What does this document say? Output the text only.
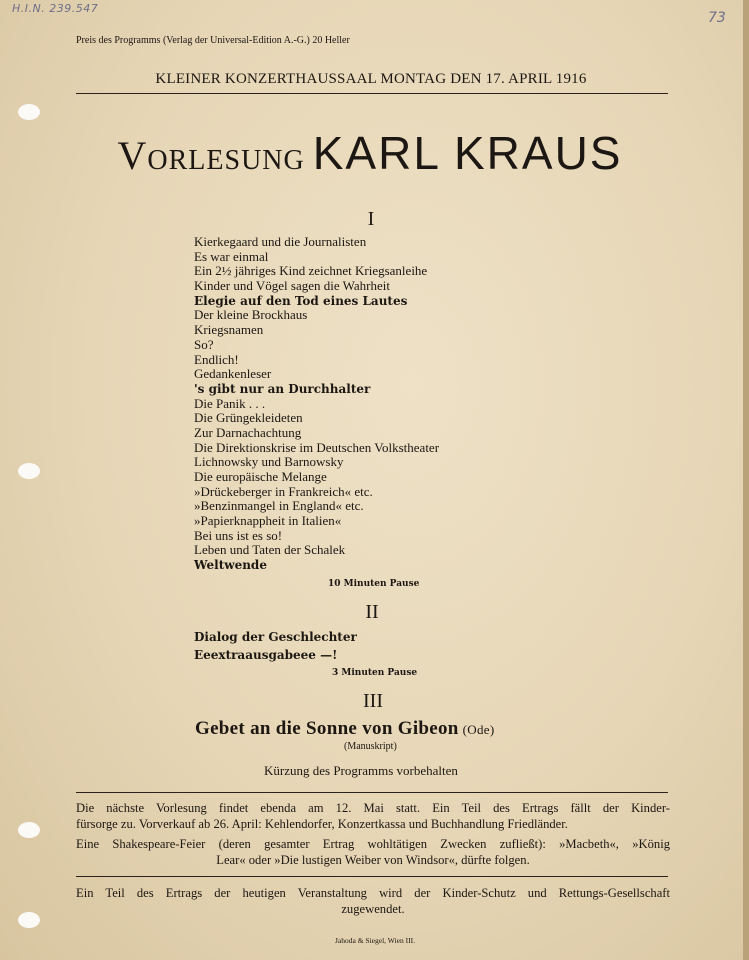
H.I.N. 239.547
73
Preis des Programms (Verlag der Universal-Edition A.-G.) 20 Heller
KLEINER KONZERTHAUSSAAL MONTAG DEN 17. APRIL 1916
Vorlesung KARL KRAUS
I
Kierkegaard und die Journalisten
Es war einmal
Ein 2½ jähriges Kind zeichnet Kriegsanleihe
Kinder und Vögel sagen die Wahrheit
Elegie auf den Tod eines Lautes
Der kleine Brockhaus
Kriegsnamen
So?
Endlich!
Gedankenleser
's gibt nur an Durchhalter
Die Panik . . .
Die Grüngekleideten
Zur Darnachachtung
Die Direktionskrise im Deutschen Volkstheater
Lichnowsky und Barnowsky
Die europäische Melange
»Drückeberger in Frankreich« etc.
»Benzinmangel in England« etc.
»Papierknappheit in Italien«
Bei uns ist es so!
Leben und Taten der Schalek
Weltwende
10 Minuten Pause
II
Dialog der Geschlechter
Eeextraausgabeee —!
3 Minuten Pause
III
Gebet an die Sonne von Gibeon (Ode)
(Manuskript)
Kürzung des Programms vorbehalten
Die nächste Vorlesung findet ebenda am 12. Mai statt. Ein Teil des Ertrags fällt der Kinder-
fürsorge zu. Vorverkauf ab 26. April: Kehlendorfer, Konzertkassa und Buchhandlung Friedländer.
Eine Shakespeare-Feier (deren gesamter Ertrag wohltätigen Zwecken zufließt): »Macbeth«, »König
Lear« oder »Die lustigen Weiber von Windsor«, dürfte folgen.
Ein Teil des Ertrags der heutigen Veranstaltung wird der Kinder-Schutz und Rettungs-Gesellschaft
zugewendet.
Jahoda & Siegel, Wien III.
